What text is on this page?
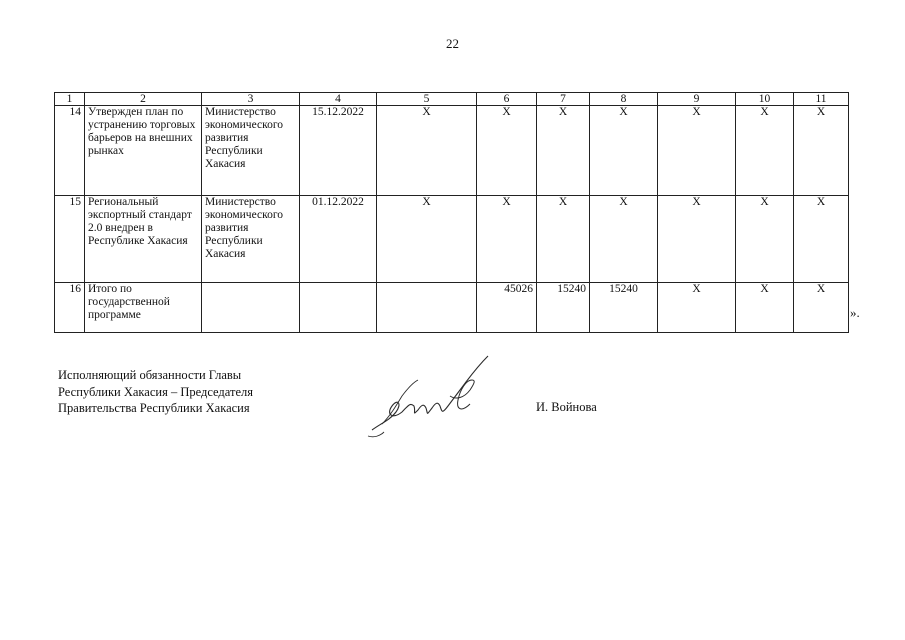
22
1	2	3	4	5	6	7	8	9	10	11
14	Утвержден план по устранению торговых барьеров на внешних рынках	Министерство экономического развития Республики Хакасия	15.12.2022	Х	Х	Х	Х	Х	Х	Х
15	Региональный экспортный стандарт 2.0 внедрен в Республике Хакасия	Министерство экономического развития Республики Хакасия	01.12.2022	Х	Х	Х	Х	Х	Х	Х
16	Итого по государственной программе				45026	15240	15240	Х	Х	Х
».
Исполняющий обязанности Главы
Республики Хакасия – Председателя
Правительства Республики Хакасия	И. Войнова
